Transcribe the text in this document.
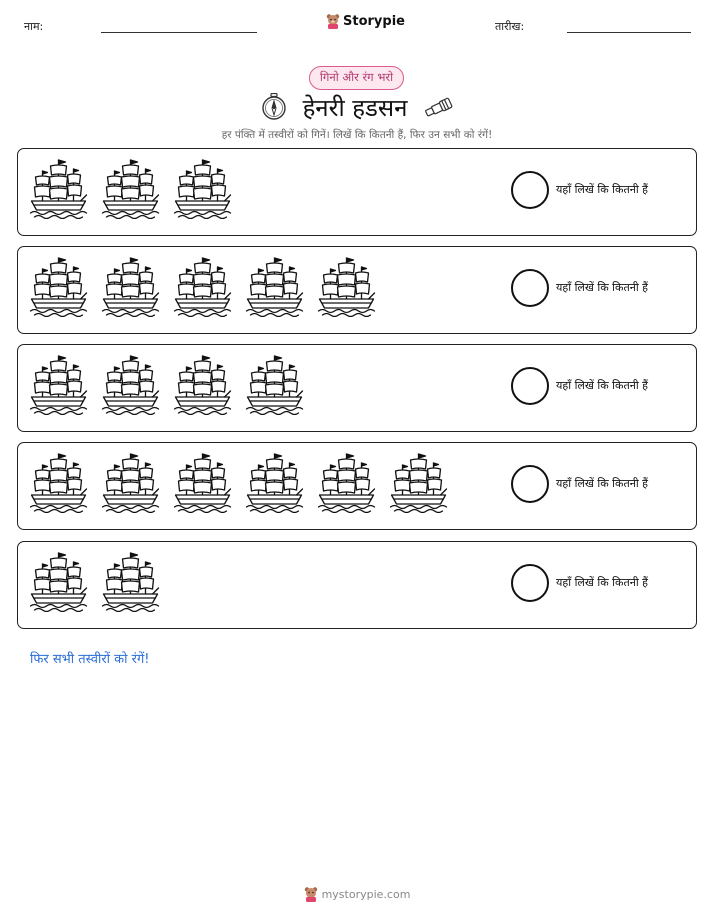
नाम:	Storypie	तारीख:
गिनो और रंग भरो
हेनरी हडसन
हर पंक्ति में तस्वीरों को गिनें। लिखें कि कितनी हैं, फिर उन सभी को रंगें!
यहाँ लिखें कि कितनी हैं
यहाँ लिखें कि कितनी हैं
यहाँ लिखें कि कितनी हैं
यहाँ लिखें कि कितनी हैं
यहाँ लिखें कि कितनी हैं
फिर सभी तस्वीरों को रंगें!
mystorypie.com
